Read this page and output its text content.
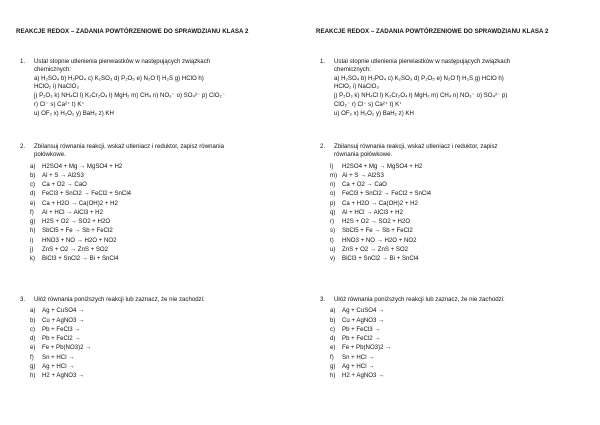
REAKCJE REDOX – ZADANIA POWTÓRZENIOWE DO SPRAWDZIANU KLASA 2
1. Ustal stopnie utlenienia pierwiastków w następujących związkach
chemicznych:
a) H₂SO₄ b) H₃PO₄ c) K₂SO₃ d) P₂O₅ e) N₂O f) H₂S g) HClO h)
HClO₂ i) NaClO₃
j) P₂O₃ k) NH₄Cl l) K₂Cr₂O₄ ł) MgH₂ m) CH₄ n) NO₃⁻ o) SO₄²⁻ p) ClO₂⁻
r) Cl⁻ s) Ca²⁺ t) K⁺
u) OF₂ x) H₂O₂ y) BaH₂ z) KH
2. Zbilansuj równania reakcji, wskaż utleniacz i reduktor, zapisz równania
połówkowe.
a) H2SO4 + Mg → MgSO4 + H2
b) Al + S → Al2S3
c) Ca + O2 → CaO
d) FeCl3 + SnCl2 → FeCl2 + SnCl4
e) Ca + H2O → Ca(OH)2 + H2
f) Al + HCl → AlCl3 + H2
g) H2S + O2 → SO2 + H2O
h) SbCl5 + Fe → Sb + FeCl2
i) HNO3 + NO → H2O + NO2
j) ZnS + O2 → ZnS + SO2
k) BiCl3 + SnCl2 → Bi + SnCl4
3. Ułóż równania poniższych reakcji lub zaznacz, że nie zachodzi:
a) Ag + CuSO4 →
b) Cu + AgNO3 →
c) Pb + FeCl3 →
d) Pb + FeCl2 →
e) Fe + Pb(NO3)2 →
f) Sn + HCl →
g) Ag + HCl →
h) H2 + AgNO3 →
REAKCJE REDOX – ZADANIA POWTÓRZENIOWE DO SPRAWDZIANU KLASA 2
1. Ustal stopnie utlenienia pierwiastków w następujących związkach
chemicznych:
a) H₂SO₄ b) H₃PO₄ c) K₂SO₃ d) P₂O₅ e) N₂O f) H₂S g) HClO h)
HClO₂ i) NaClO₃
j) P₂O₃ k) NH₄Cl l) K₂Cr₂O₄ ł) MgH₂ m) CH₄ n) NO₃⁻ o) SO₄²⁻ p)
ClO₂⁻ r) Cl⁻ s) Ca²⁺ t) K⁺
u) OF₂ x) H₂O₂ y) BaH₂ z) KH
2. Zbilansuj równania reakcji, wskaż utleniacz i reduktor, zapisz
równania połówkowe.
l) H2SO4 + Mg → MgSO4 + H2
m) Al + S → Al2S3
n) Ca + O2 → CaO
o) FeCl3 + SnCl2 → FeCl2 + SnCl4
p) Ca + H2O → Ca(OH)2 + H2
q) Al + HCl → AlCl3 + H2
r) H2S + O2 → SO2 + H2O
s) SbCl5 + Fe → Sb + FeCl2
t) HNO3 + NO → H2O + NO2
u) ZnS + O2 → ZnS + SO2
v) BiCl3 + SnCl2 → Bi + SnCl4
3. Ułóż równania poniższych reakcji lub zaznacz, że nie zachodzi:
a) Ag + CuSO4 →
b) Cu + AgNO3 →
c) Pb + FeCl3 →
d) Pb + FeCl2 →
e) Fe + Pb(NO3)2 →
f) Sn + HCl →
g) Ag + HCl →
h) H2 + AgNO3 →
